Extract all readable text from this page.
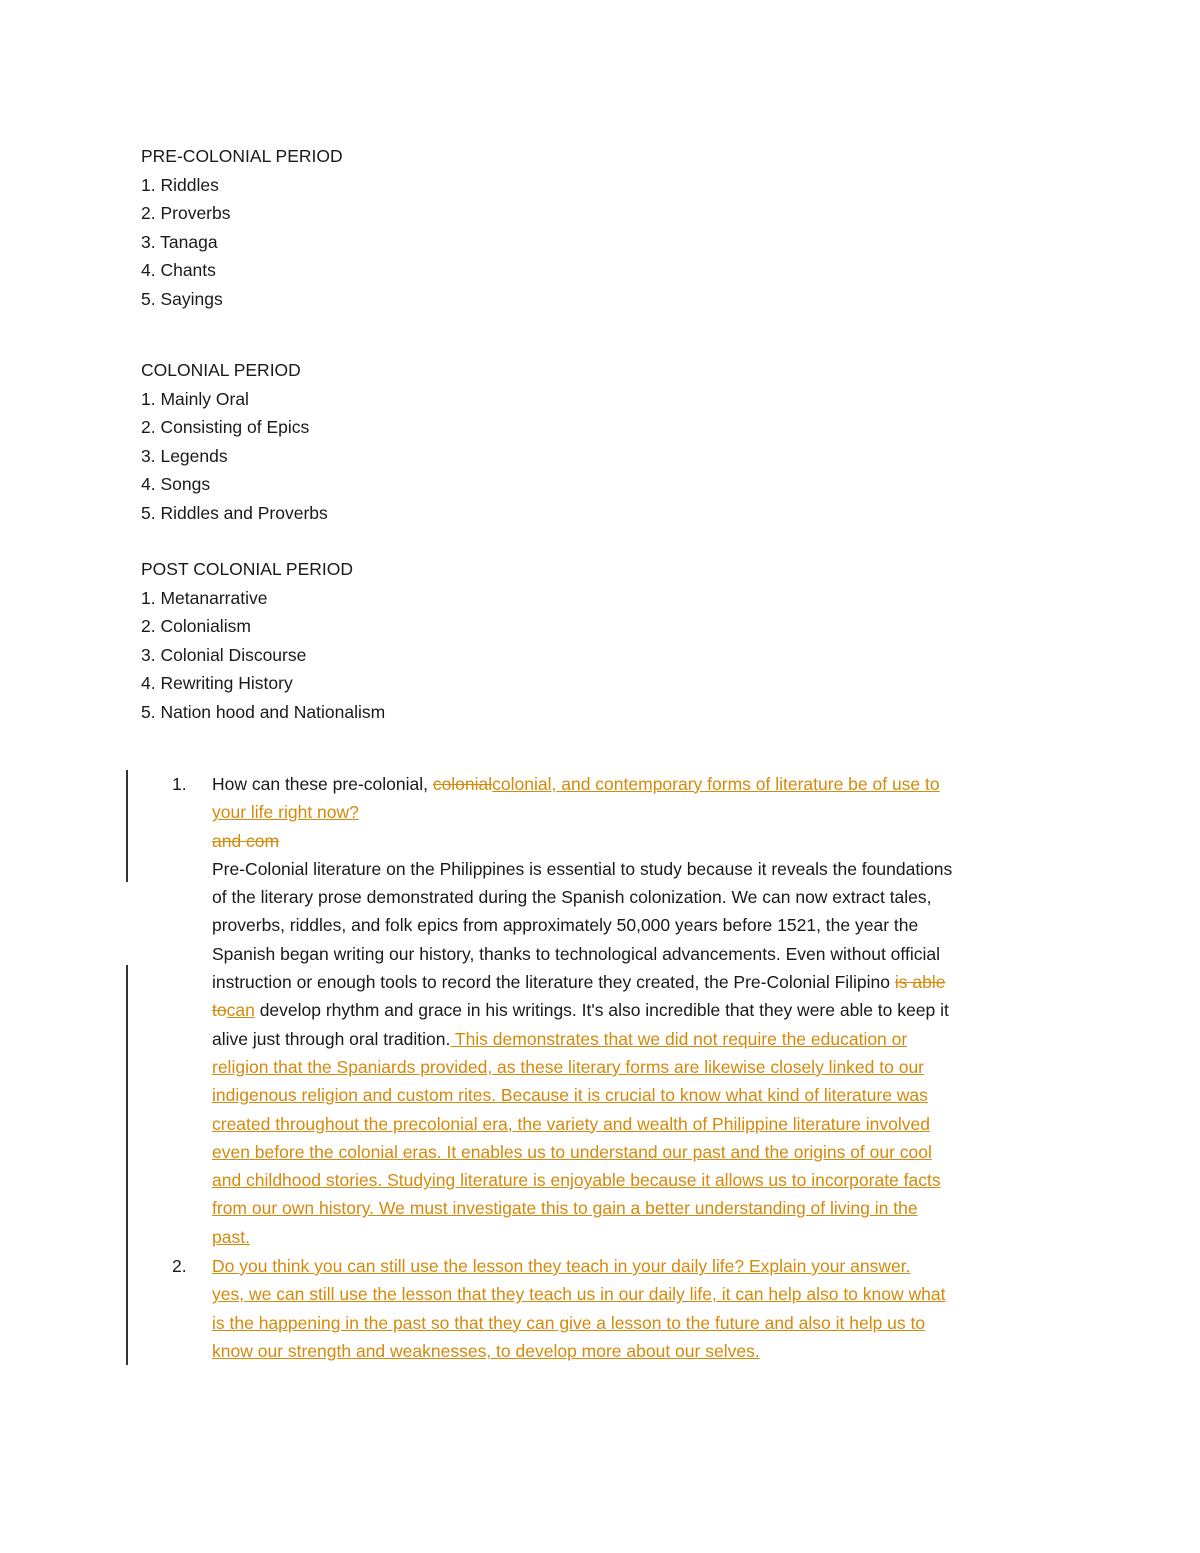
PRE-COLONIAL PERIOD
1. Riddles
2. Proverbs
3. Tanaga
4. Chants
5. Sayings
COLONIAL PERIOD
1. Mainly Oral
2. Consisting of Epics
3. Legends
4. Songs
5. Riddles and Proverbs
POST COLONIAL PERIOD
1. Metanarrative
2. Colonialism
3. Colonial Discourse
4. Rewriting History
5. Nation hood and Nationalism
1. How can these pre-colonial, colonialcolonial, and contemporary forms of literature be of use to
your life right now?
and com
Pre-Colonial literature on the Philippines is essential to study because it reveals the foundations
of the literary prose demonstrated during the Spanish colonization. We can now extract tales,
proverbs, riddles, and folk epics from approximately 50,000 years before 1521, the year the
Spanish began writing our history, thanks to technological advancements. Even without official
instruction or enough tools to record the literature they created, the Pre-Colonial Filipino is able
tocan develop rhythm and grace in his writings. It's also incredible that they were able to keep it
alive just through oral tradition. This demonstrates that we did not require the education or
religion that the Spaniards provided, as these literary forms are likewise closely linked to our
indigenous religion and custom rites. Because it is crucial to know what kind of literature was
created throughout the precolonial era, the variety and wealth of Philippine literature involved
even before the colonial eras. It enables us to understand our past and the origins of our cool
and childhood stories. Studying literature is enjoyable because it allows us to incorporate facts
from our own history. We must investigate this to gain a better understanding of living in the
past.
2. Do you think you can still use the lesson they teach in your daily life? Explain your answer.
yes, we can still use the lesson that they teach us in our daily life, it can help also to know what
is the happening in the past so that they can give a lesson to the future and also it help us to
know our strength and weaknesses, to develop more about our selves.
